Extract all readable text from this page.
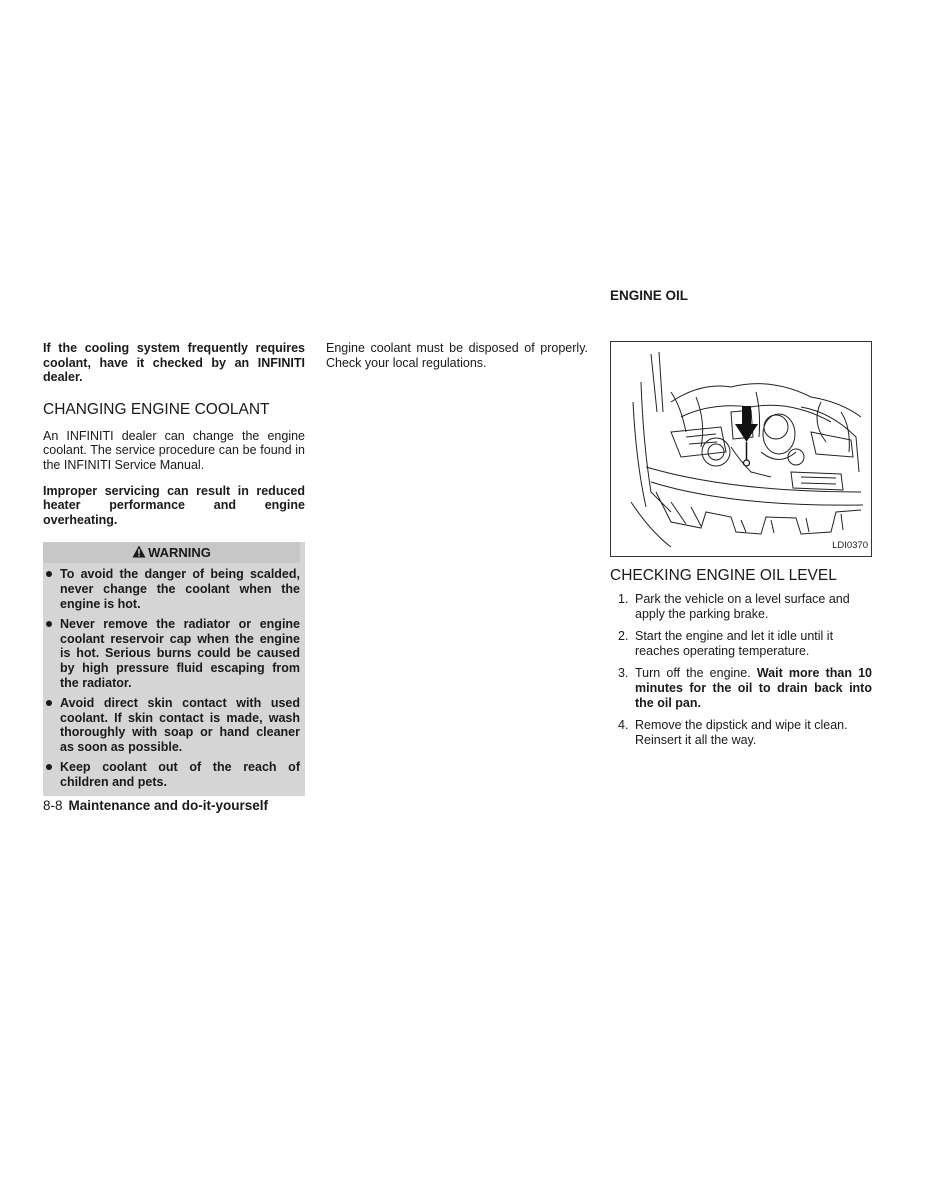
If the cooling system frequently requires coolant, have it checked by an INFINITI dealer.

CHANGING ENGINE COOLANT

An INFINITI dealer can change the engine coolant. The service procedure can be found in the INFINITI Service Manual.

Improper servicing can result in reduced heater performance and engine overheating.

WARNING
To avoid the danger of being scalded, never change the coolant when the engine is hot.
Never remove the radiator or engine coolant reservoir cap when the engine is hot. Serious burns could be caused by high pressure fluid escaping from the radiator.
Avoid direct skin contact with used coolant. If skin contact is made, wash thoroughly with soap or hand cleaner as soon as possible.
Keep coolant out of the reach of children and pets.

Engine coolant must be disposed of properly. Check your local regulations.

ENGINE OIL
LDI0370
CHECKING ENGINE OIL LEVEL
1. Park the vehicle on a level surface and apply the parking brake.
2. Start the engine and let it idle until it reaches operating temperature.
3. Turn off the engine. Wait more than 10 minutes for the oil to drain back into the oil pan.
4. Remove the dipstick and wipe it clean. Reinsert it all the way.
8-8 Maintenance and do-it-yourself
